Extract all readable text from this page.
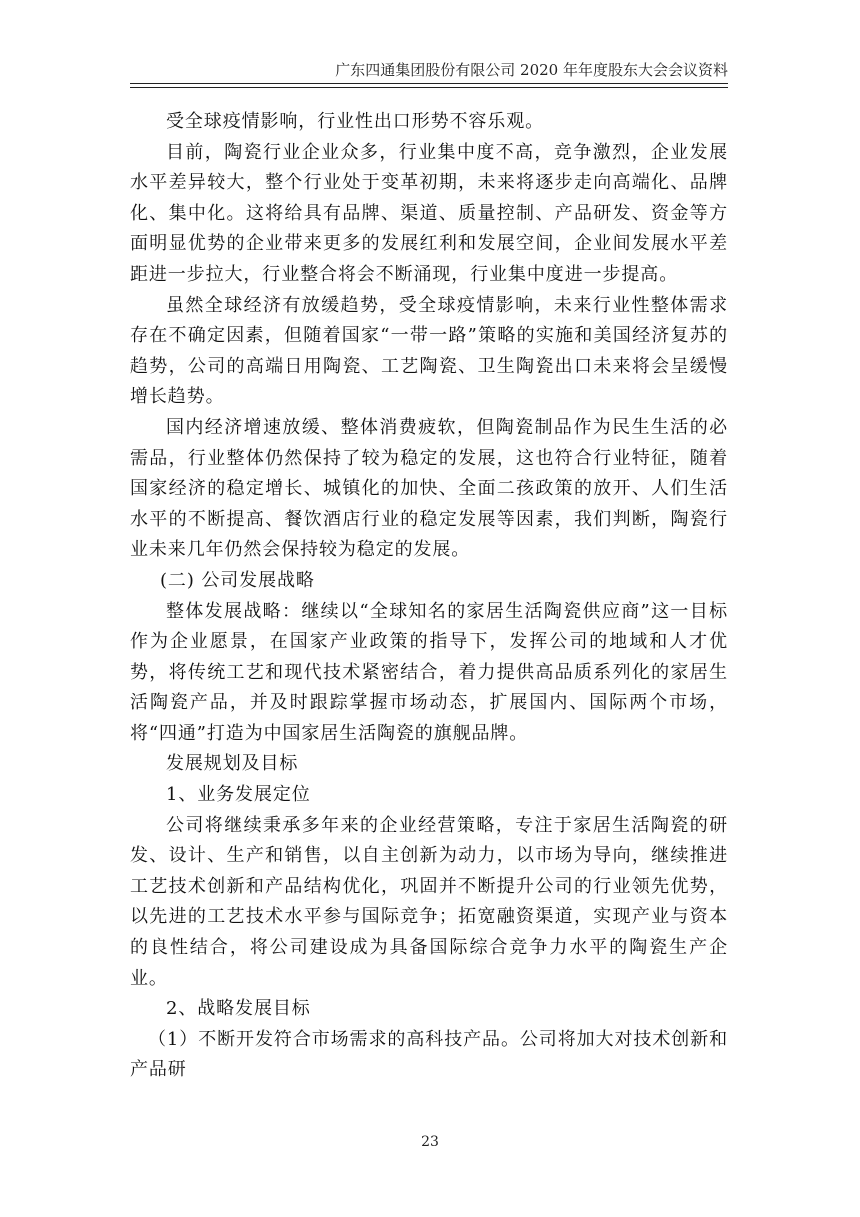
广东四通集团股份有限公司 2020 年年度股东大会会议资料

受全球疫情影响，行业性出口形势不容乐观。

目前，陶瓷行业企业众多，行业集中度不高，竞争激烈，企业发展水平差异较大，整个行业处于变革初期，未来将逐步走向高端化、品牌化、集中化。这将给具有品牌、渠道、质量控制、产品研发、资金等方面明显优势的企业带来更多的发展红利和发展空间，企业间发展水平差距进一步拉大，行业整合将会不断涌现，行业集中度进一步提高。

虽然全球经济有放缓趋势，受全球疫情影响，未来行业性整体需求存在不确定因素，但随着国家“一带一路”策略的实施和美国经济复苏的趋势，公司的高端日用陶瓷、工艺陶瓷、卫生陶瓷出口未来将会呈缓慢增长趋势。

国内经济增速放缓、整体消费疲软，但陶瓷制品作为民生生活的必需品，行业整体仍然保持了较为稳定的发展，这也符合行业特征，随着国家经济的稳定增长、城镇化的加快、全面二孩政策的放开、人们生活水平的不断提高、餐饮酒店行业的稳定发展等因素，我们判断，陶瓷行业未来几年仍然会保持较为稳定的发展。

(二) 公司发展战略

整体发展战略：继续以“全球知名的家居生活陶瓷供应商”这一目标作为企业愿景，在国家产业政策的指导下，发挥公司的地域和人才优势，将传统工艺和现代技术紧密结合，着力提供高品质系列化的家居生活陶瓷产品，并及时跟踪掌握市场动态，扩展国内、国际两个市场，将“四通”打造为中国家居生活陶瓷的旗舰品牌。

发展规划及目标

1、业务发展定位

公司将继续秉承多年来的企业经营策略，专注于家居生活陶瓷的研发、设计、生产和销售，以自主创新为动力，以市场为导向，继续推进工艺技术创新和产品结构优化，巩固并不断提升公司的行业领先优势，以先进的工艺技术水平参与国际竞争；拓宽融资渠道，实现产业与资本的良性结合，将公司建设成为具备国际综合竞争力水平的陶瓷生产企业。

2、战略发展目标

（1）不断开发符合市场需求的高科技产品。公司将加大对技术创新和产品研

23
